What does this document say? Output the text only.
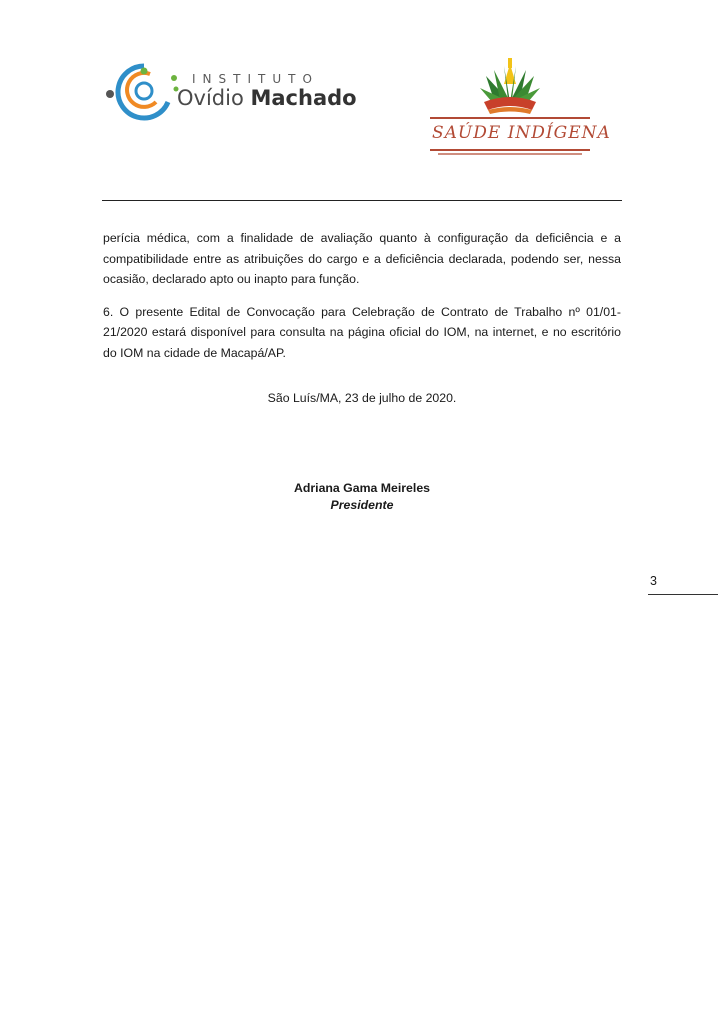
INSTITUTO
Ovídio Machado
SAÚDE INDÍGENA

perícia médica, com a finalidade de avaliação quanto à configuração da deficiência e a compatibilidade entre as atribuições do cargo e a deficiência declarada, podendo ser, nessa ocasião, declarado apto ou inapto para função.

6. O presente Edital de Convocação para Celebração de Contrato de Trabalho nº 01/01-21/2020 estará disponível para consulta na página oficial do IOM, na internet, e no escritório do IOM na cidade de Macapá/AP.

São Luís/MA, 23 de julho de 2020.
Adriana Gama Meireles
Presidente
3
